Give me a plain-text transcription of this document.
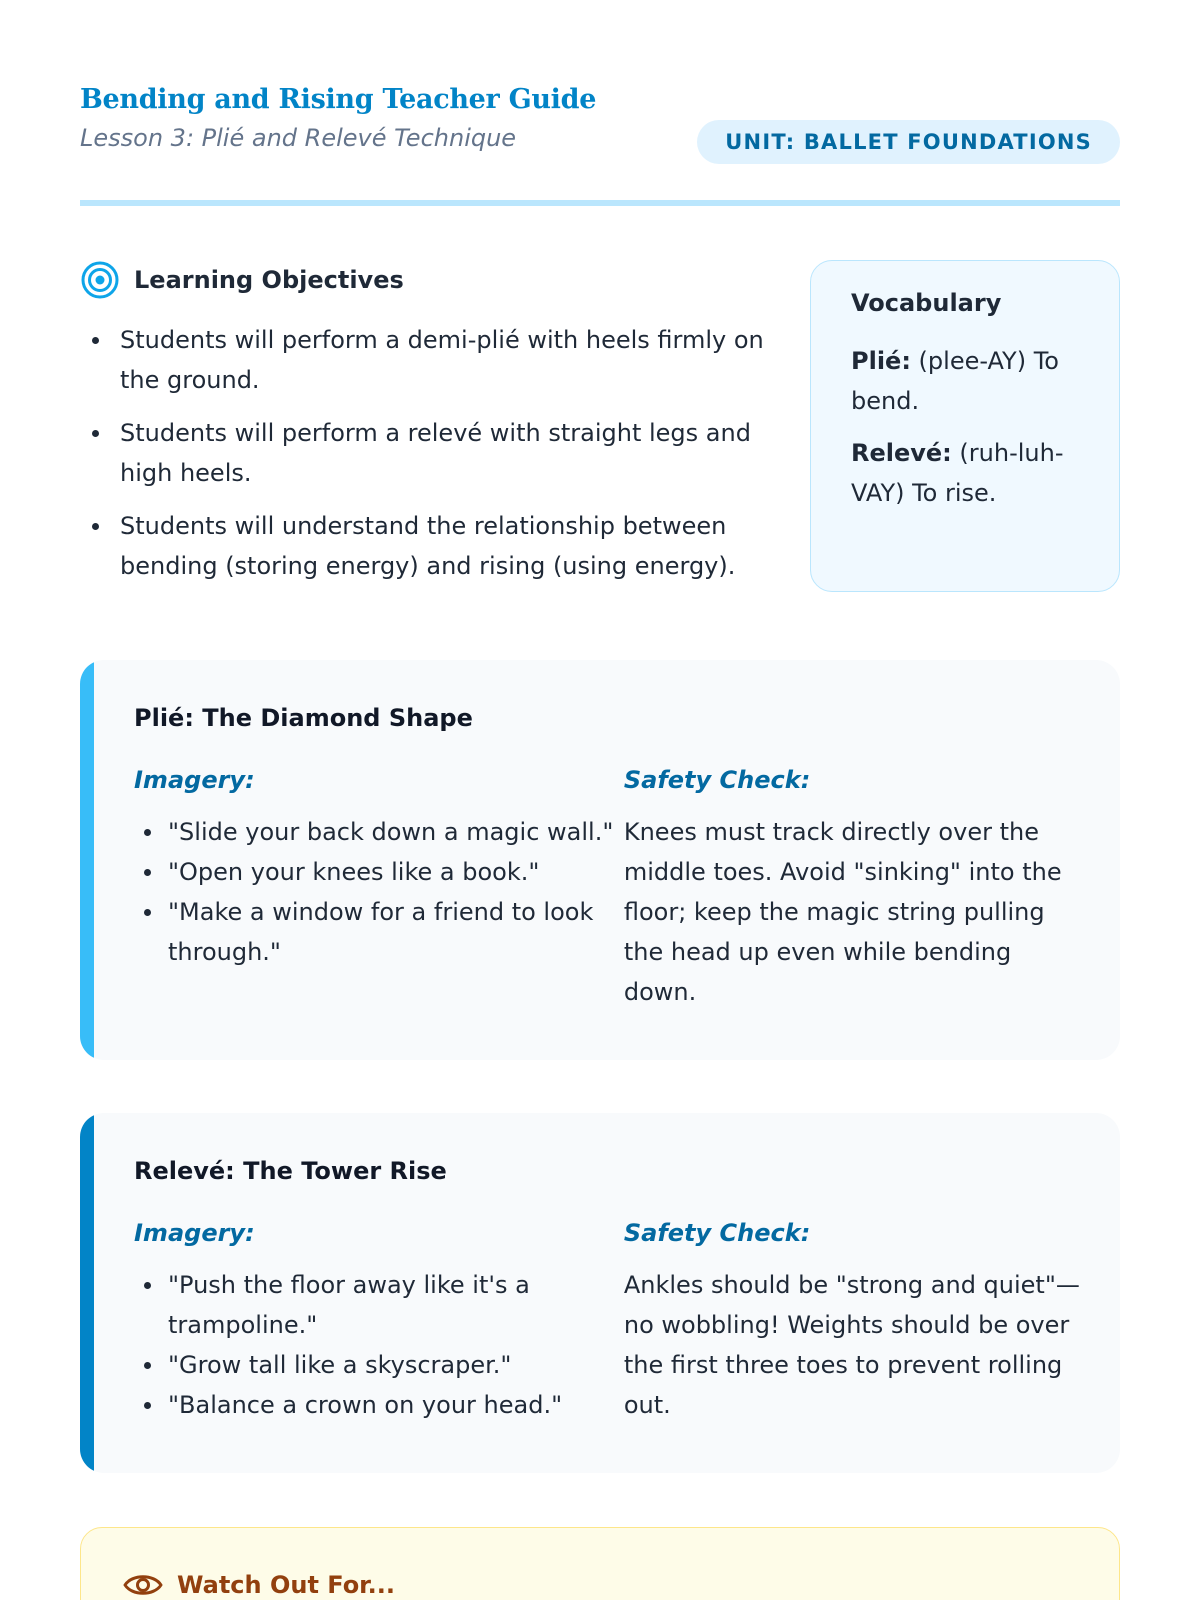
Bending and Rising Teacher Guide
Lesson 3: Plié and Relevé Technique	UNIT: BALLET FOUNDATIONS
Learning Objectives
Students will perform a demi-plié with heels firmly on the ground.
Students will perform a relevé with straight legs and high heels.
Students will understand the relationship between bending (storing energy) and rising (using energy).
Vocabulary
Plié: (plee-AY) To bend.
Relevé: (ruh-luh-VAY) To rise.
Plié: The Diamond Shape
Imagery:
"Slide your back down a magic wall."
"Open your knees like a book."
"Make a window for a friend to look through."
Safety Check:

Knees must track directly over the middle toes. Avoid "sinking" into the floor; keep the magic string pulling the head up even while bending down.

Relevé: The Tower Rise
Imagery:
"Push the floor away like it's a trampoline."
"Grow tall like a skyscraper."
"Balance a crown on your head."
Safety Check:

Ankles should be "strong and quiet"—no wobbling! Weights should be over the first three toes to prevent rolling out.

Watch Out For...
